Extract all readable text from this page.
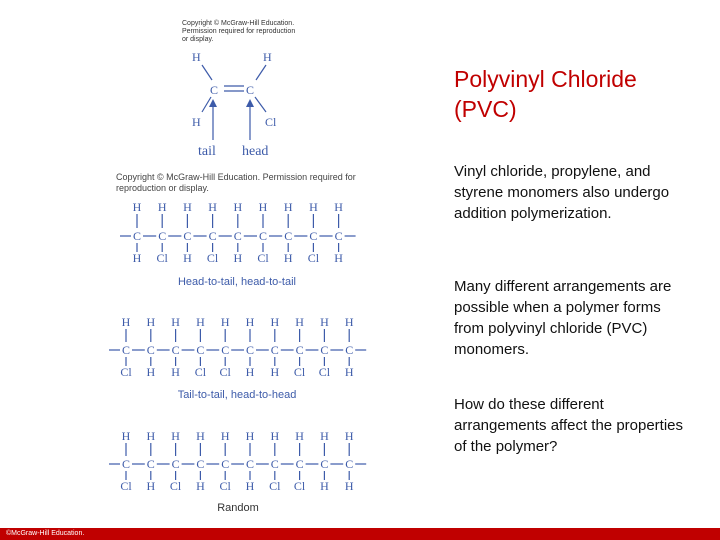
Copyright © McGraw-Hill Education. Permission required for reproduction or display.
Copyright © McGraw-Hill Education. Permission required for reproduction or display.
H	H
C C
H	Cl
tail head
H
C
H
H
C
Cl
H
C
H
H
C
Cl
H
C
H
H
C
Cl
H
C
H
H
C
Cl
H
C
H
Head-to-tail, head-to-tail
H
C
Cl
H
C
H
H
C
H
H
C
Cl
H
C
Cl
H
C
H
H
C
H
H
C
Cl
H
C
Cl
H
C
H
Tail-to-tail, head-to-head
H
C
Cl
H
C
H
H
C
Cl
H
C
H
H
C
Cl
H
C
H
H
C
Cl
H
C
Cl
H
C
H
H
C
H
Random
Polyvinyl Chloride
(PVC)
Vinyl chloride, propylene, and styrene monomers also undergo addition polymerization.
Many different arrangements are possible when a polymer forms from polyvinyl chloride (PVC) monomers.
How do these different arrangements affect the properties of the polymer?
©McGraw-Hill Education.
